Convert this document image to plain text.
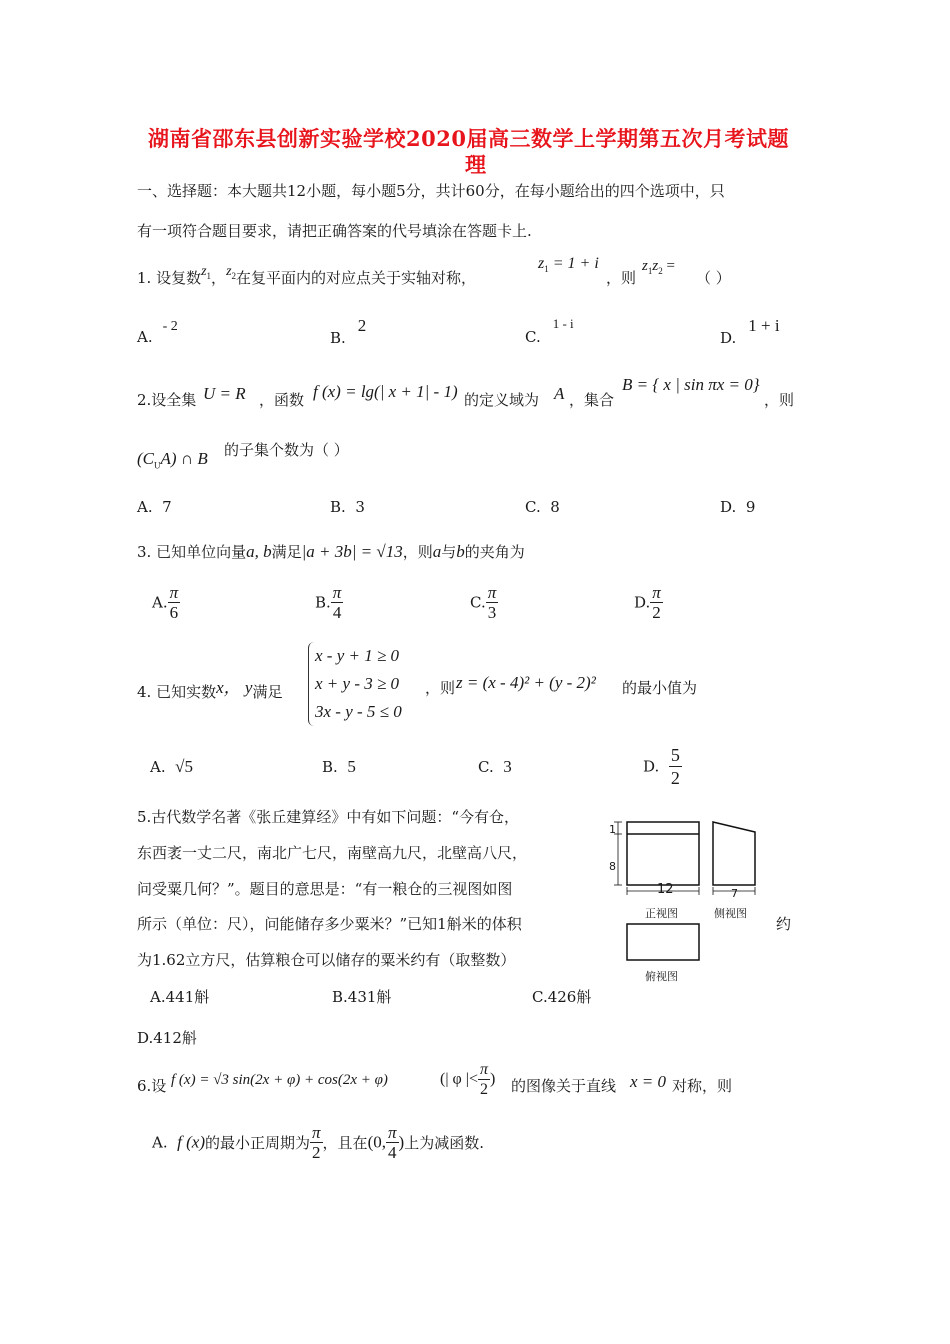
湖南省邵东县创新实验学校2020届高三数学上学期第五次月考试题
理
一、选择题：本大题共12小题，每小题5分，共计60分，在每小题给出的四个选项中，只
有一项符合题目要求，请把正确答案的代号填涂在答题卡上.
1. 设复数$z_1$，$z_2$在复平面内的对应点关于实轴对称，
$z_1 = 1 + i$
，则
$z_1z_2$ =
（ ）
A.- 2
B.2
C.1 - i
D.1 + i
2.设全集 U = R ，函数 f (x) = lg(| x + 1| - 1) 的定义域为 A ，集合
B = { x | sin πx = 0}
，则
$(C_UA)$ ∩ B 的子集个数为（ ）
A. 7	B. 3	C. 8	D. 9
3. 已知单位向量a, b满足|a + 3b| = √13，则a与b的夹角为
A. $\frac{\pi}{6}$	B. $\frac{\pi}{4}$	C. $\frac{\pi}{3}$	D. $\frac{\pi}{2}$
4. 已知实数x， y满足
x - y + 1 ≥ 0
x + y - 3 ≥ 0
3x - y - 5 ≤ 0
，则 z = (x - 4)² + (y - 2)² 的最小值为
A. √5	B. 5	C. 3	D. $\frac{5}{2}$
5.古代数学名著《张丘建算经》中有如下问题：“今有仓，
东西袤一丈二尺，南北广七尺，南壁高九尺，北壁高八尺，
问受粟几何？”。题目的意思是：“有一粮仓的三视图如图
所示（单位：尺），问能储存多少粟米？”已知1斛米的体积	约
为1.62立方尺，估算粮仓可以储存的粟米约有（取整数）
1
8
12	7
正视图	侧视图
俯视图
A.441斛	B.431斛	C.426斛
D.412斛
6.设 f (x) = √3 sin(2x + φ) + cos(2x + φ)	(| φ |< $\frac{\pi}{2}$ ) 的图像关于直线 x = 0 对称，则
A. f (x)的最小正周期为 $\frac{\pi}{2}$ ，且在(0, $\frac{\pi}{4}$ )上为减函数.
